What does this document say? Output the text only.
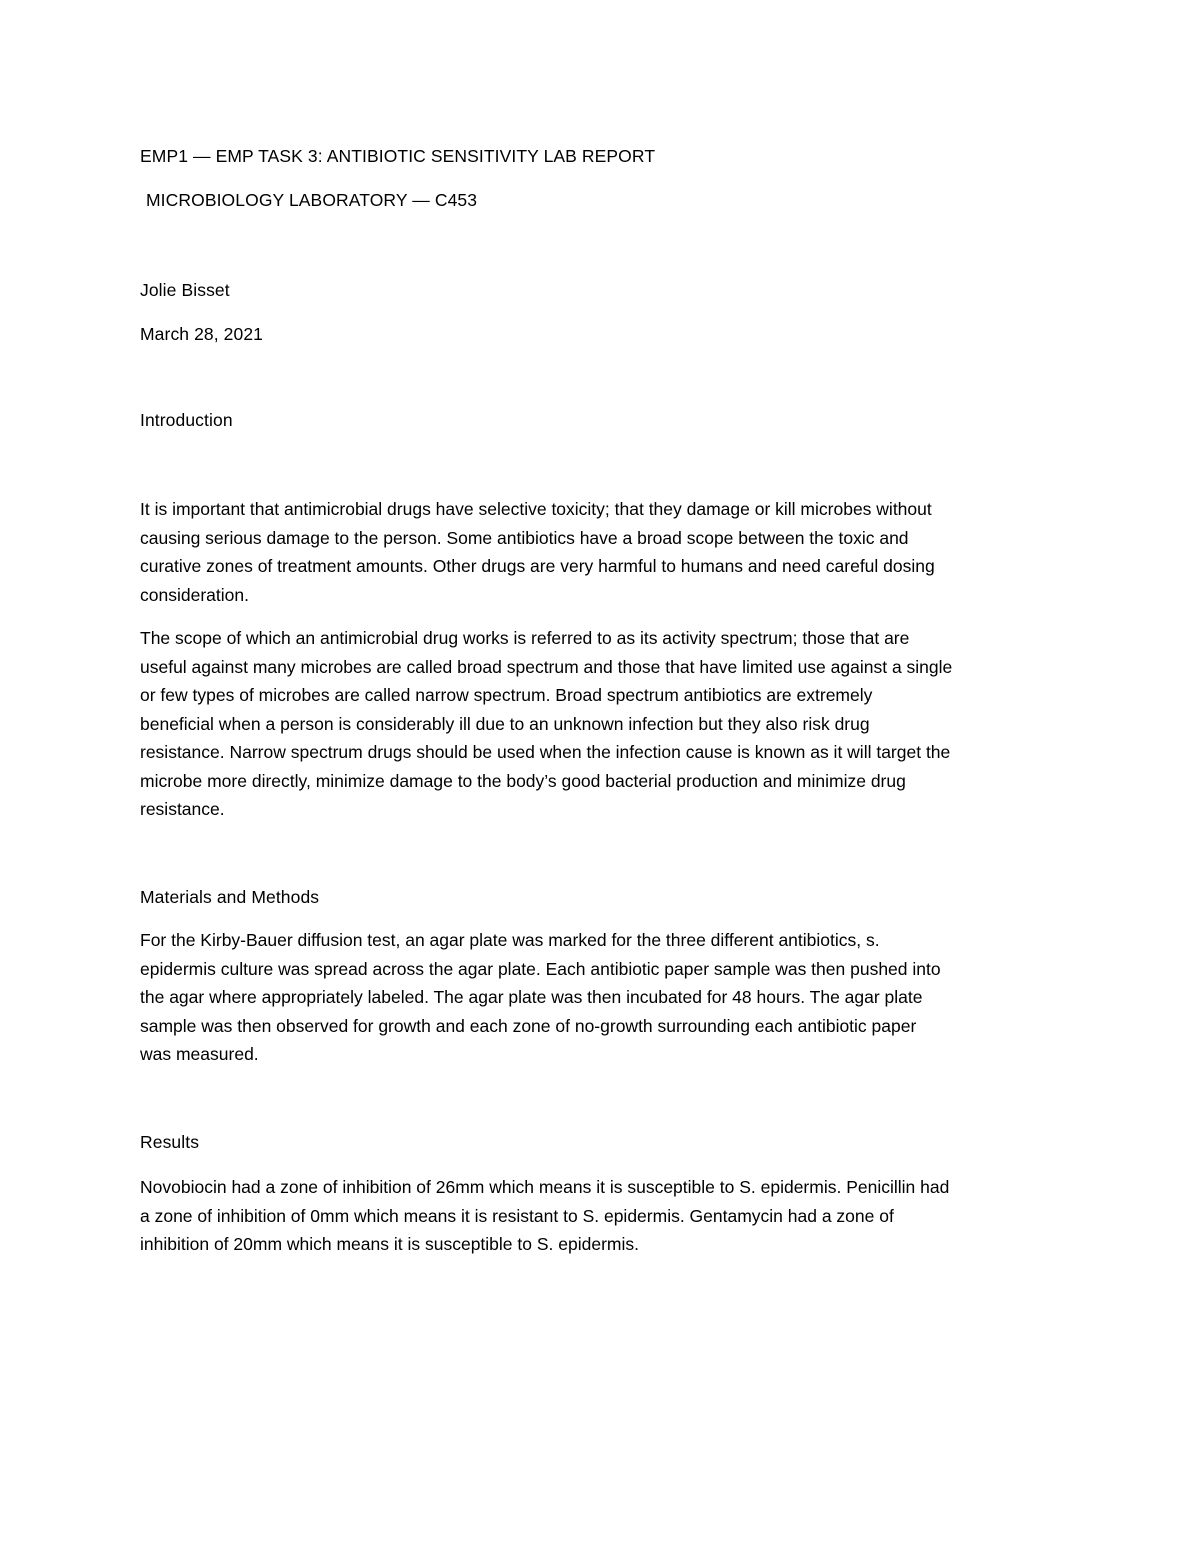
EMP1 — EMP TASK 3: ANTIBIOTIC SENSITIVITY LAB REPORT
MICROBIOLOGY LABORATORY — C453
Jolie Bisset
March 28, 2021
Introduction
It is important that antimicrobial drugs have selective toxicity; that they damage or kill microbes without
causing serious damage to the person. Some antibiotics have a broad scope between the toxic and
curative zones of treatment amounts. Other drugs are very harmful to humans and need careful dosing
consideration.
The scope of which an antimicrobial drug works is referred to as its activity spectrum; those that are
useful against many microbes are called broad spectrum and those that have limited use against a single
or few types of microbes are called narrow spectrum. Broad spectrum antibiotics are extremely
beneficial when a person is considerably ill due to an unknown infection but they also risk drug
resistance. Narrow spectrum drugs should be used when the infection cause is known as it will target the
microbe more directly, minimize damage to the body’s good bacterial production and minimize drug
resistance.
Materials and Methods
For the Kirby-Bauer diffusion test, an agar plate was marked for the three different antibiotics, s.
epidermis culture was spread across the agar plate. Each antibiotic paper sample was then pushed into
the agar where appropriately labeled. The agar plate was then incubated for 48 hours. The agar plate
sample was then observed for growth and each zone of no-growth surrounding each antibiotic paper
was measured.
Results
Novobiocin had a zone of inhibition of 26mm which means it is susceptible to S. epidermis. Penicillin had
a zone of inhibition of 0mm which means it is resistant to S. epidermis. Gentamycin had a zone of
inhibition of 20mm which means it is susceptible to S. epidermis.
